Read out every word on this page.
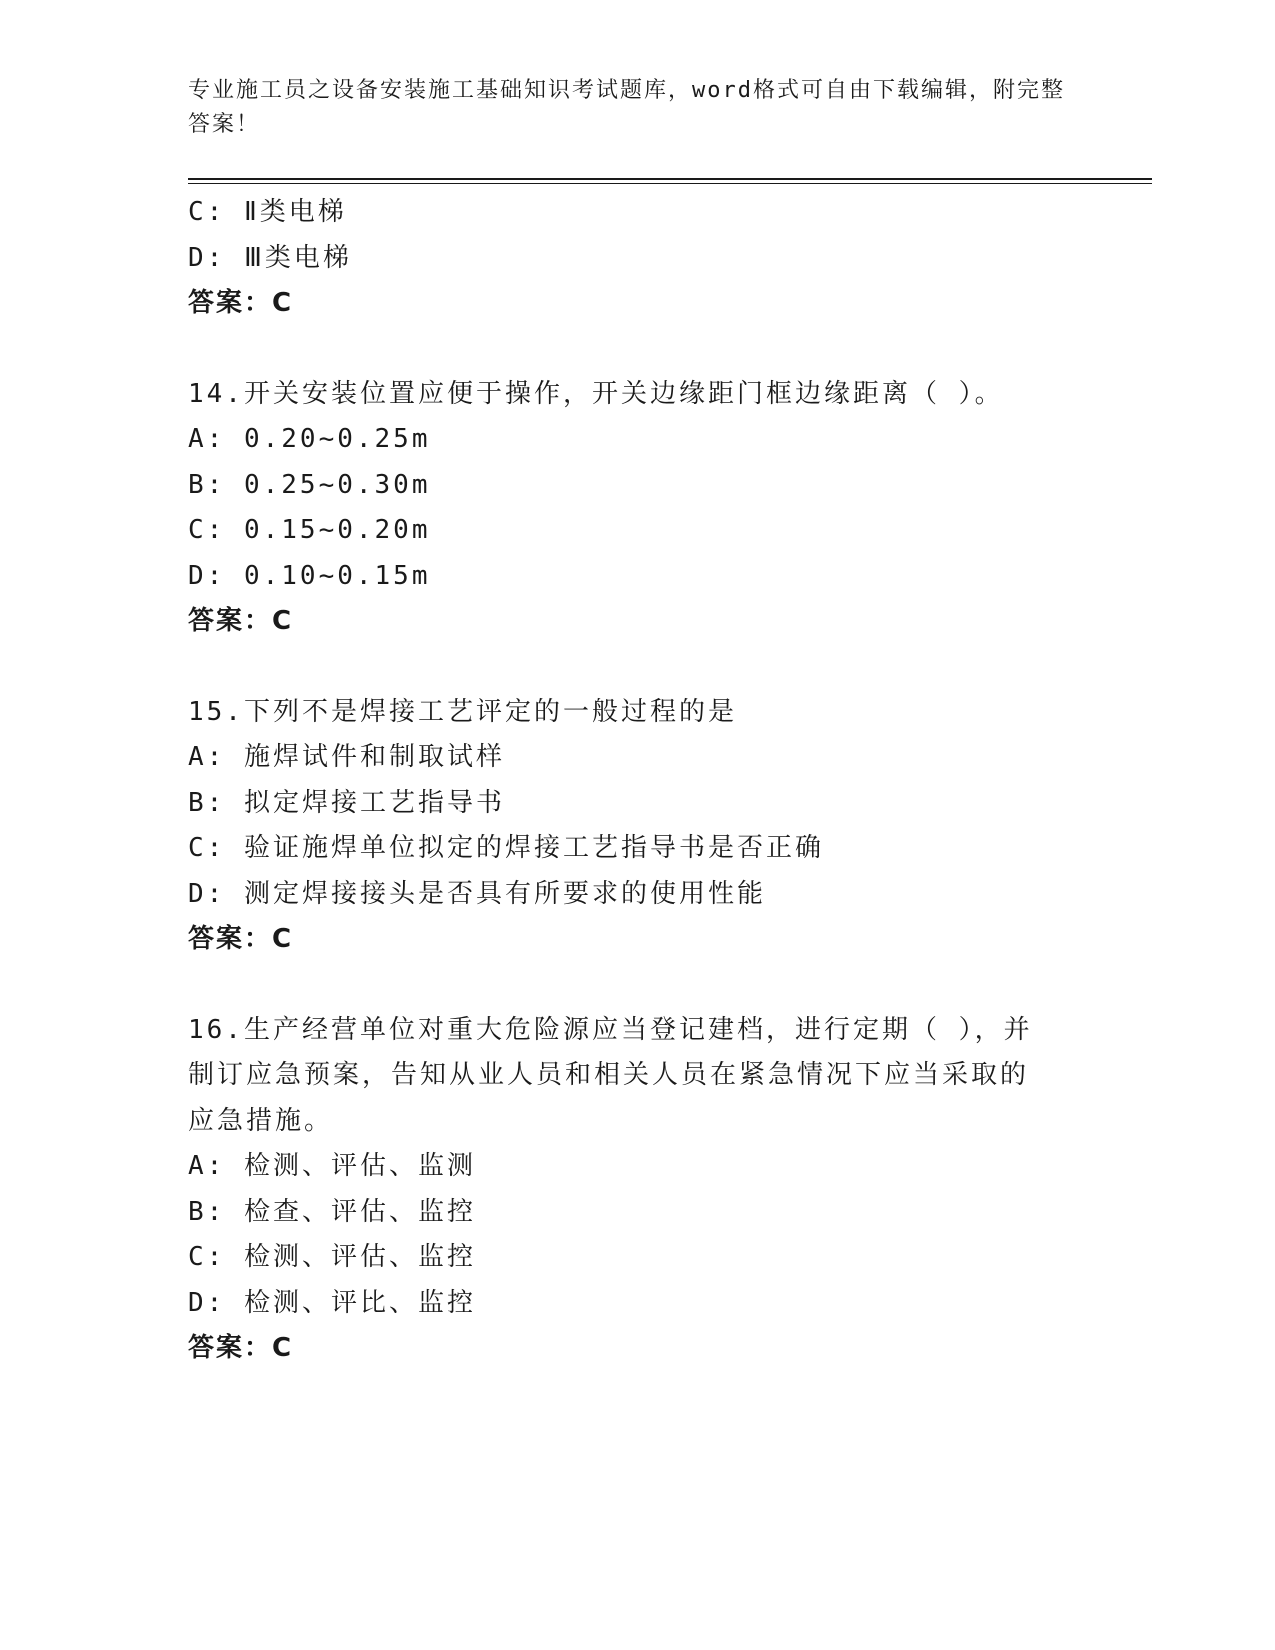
专业施工员之设备安装施工基础知识考试题库，word格式可自由下载编辑，附完整答案！
C: Ⅱ类电梯
D: Ⅲ类电梯
答案：C
14.开关安装位置应便于操作，开关边缘距门框边缘距离（ ）。
A: 0.20~0.25m
B: 0.25~0.30m
C: 0.15~0.20m
D: 0.10~0.15m
答案：C
15.下列不是焊接工艺评定的一般过程的是
A: 施焊试件和制取试样
B: 拟定焊接工艺指导书
C: 验证施焊单位拟定的焊接工艺指导书是否正确
D: 测定焊接接头是否具有所要求的使用性能
答案：C
16.生产经营单位对重大危险源应当登记建档，进行定期（ ），并制订应急预案，告知从业人员和相关人员在紧急情况下应当采取的应急措施。
A: 检测、评估、监测
B: 检查、评估、监控
C: 检测、评估、监控
D: 检测、评比、监控
答案：C
